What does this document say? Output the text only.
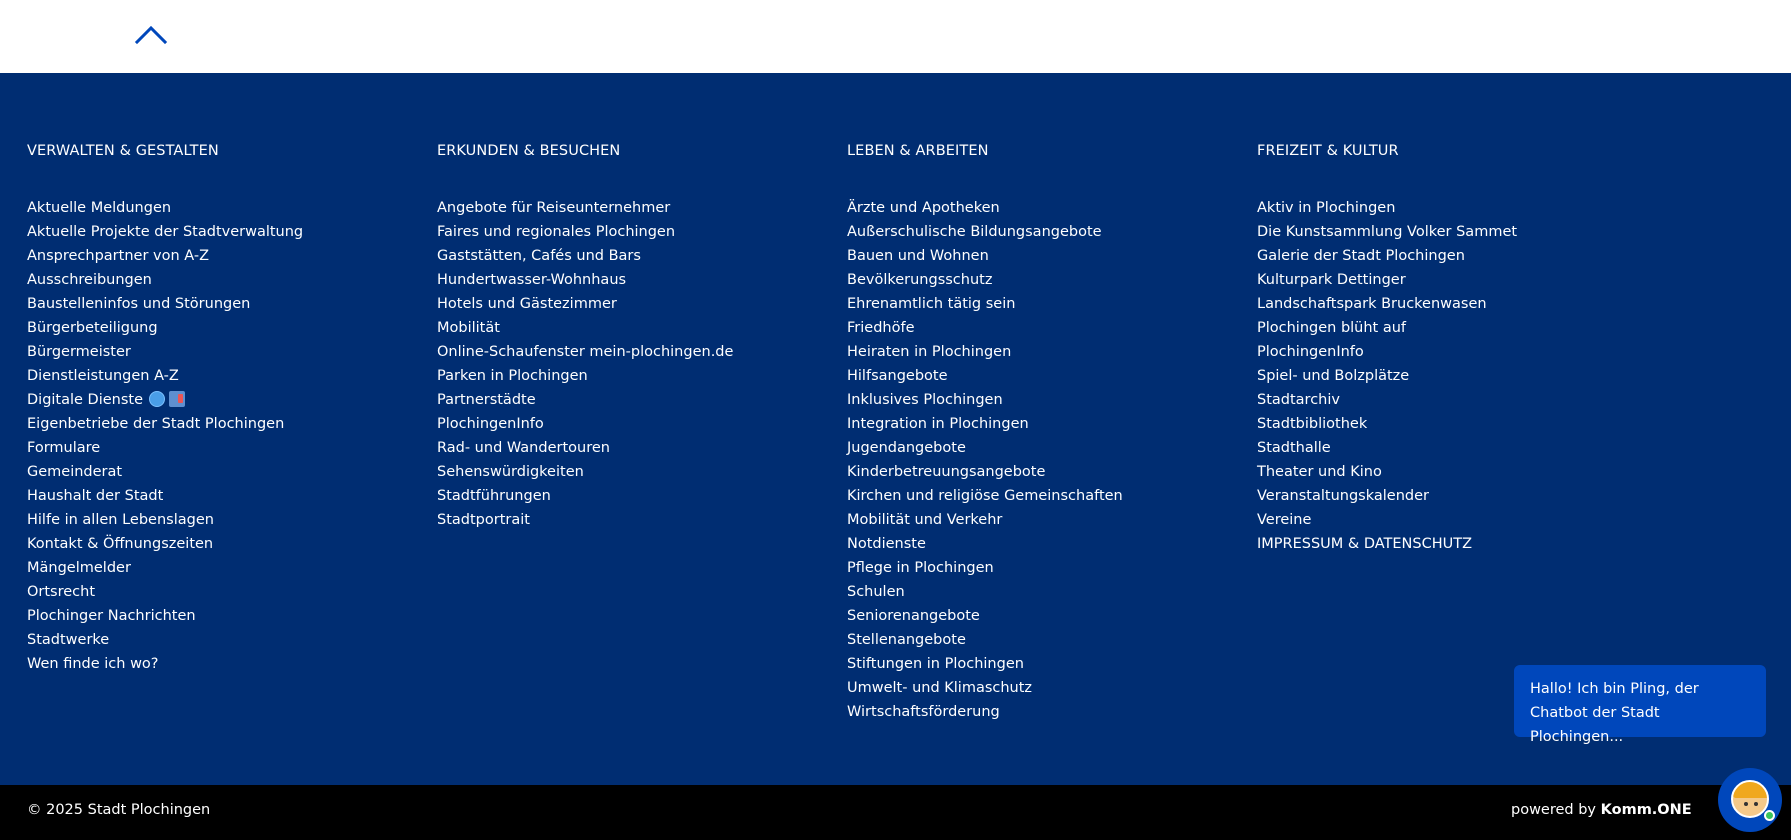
VERWALTEN & GESTALTEN
Aktuelle Meldungen
Aktuelle Projekte der Stadtverwaltung
Ansprechpartner von A-Z
Ausschreibungen
Baustelleninfos und Störungen
Bürgerbeteiligung
Bürgermeister
Dienstleistungen A-Z
Digitale Dienste
Eigenbetriebe der Stadt Plochingen
Formulare
Gemeinderat
Haushalt der Stadt
Hilfe in allen Lebenslagen
Kontakt & Öffnungszeiten
Mängelmelder
Ortsrecht
Plochinger Nachrichten
Stadtwerke
Wen finde ich wo?
ERKUNDEN & BESUCHEN
Angebote für Reiseunternehmer
Faires und regionales Plochingen
Gaststätten, Cafés und Bars
Hundertwasser-Wohnhaus
Hotels und Gästezimmer
Mobilität
Online-Schaufenster mein-plochingen.de
Parken in Plochingen
Partnerstädte
PlochingenInfo
Rad- und Wandertouren
Sehenswürdigkeiten
Stadtführungen
Stadtportrait
LEBEN & ARBEITEN
Ärzte und Apotheken
Außerschulische Bildungsangebote
Bauen und Wohnen
Bevölkerungsschutz
Ehrenamtlich tätig sein
Friedhöfe
Heiraten in Plochingen
Hilfsangebote
Inklusives Plochingen
Integration in Plochingen
Jugendangebote
Kinderbetreuungsangebote
Kirchen und religiöse Gemeinschaften
Mobilität und Verkehr
Notdienste
Pflege in Plochingen
Schulen
Seniorenangebote
Stellenangebote
Stiftungen in Plochingen
Umwelt- und Klimaschutz
Wirtschaftsförderung
FREIZEIT & KULTUR
Aktiv in Plochingen
Die Kunstsammlung Volker Sammet
Galerie der Stadt Plochingen
Kulturpark Dettinger
Landschaftspark Bruckenwasen
Plochingen blüht auf
PlochingenInfo
Spiel- und Bolzplätze
Stadtarchiv
Stadtbibliothek
Stadthalle
Theater und Kino
Veranstaltungskalender
Vereine
IMPRESSUM & DATENSCHUTZ
Hallo! Ich bin Pling, der Chatbot der Stadt Plochingen...
© 2025 Stadt Plochingen	powered by Komm.ONE
